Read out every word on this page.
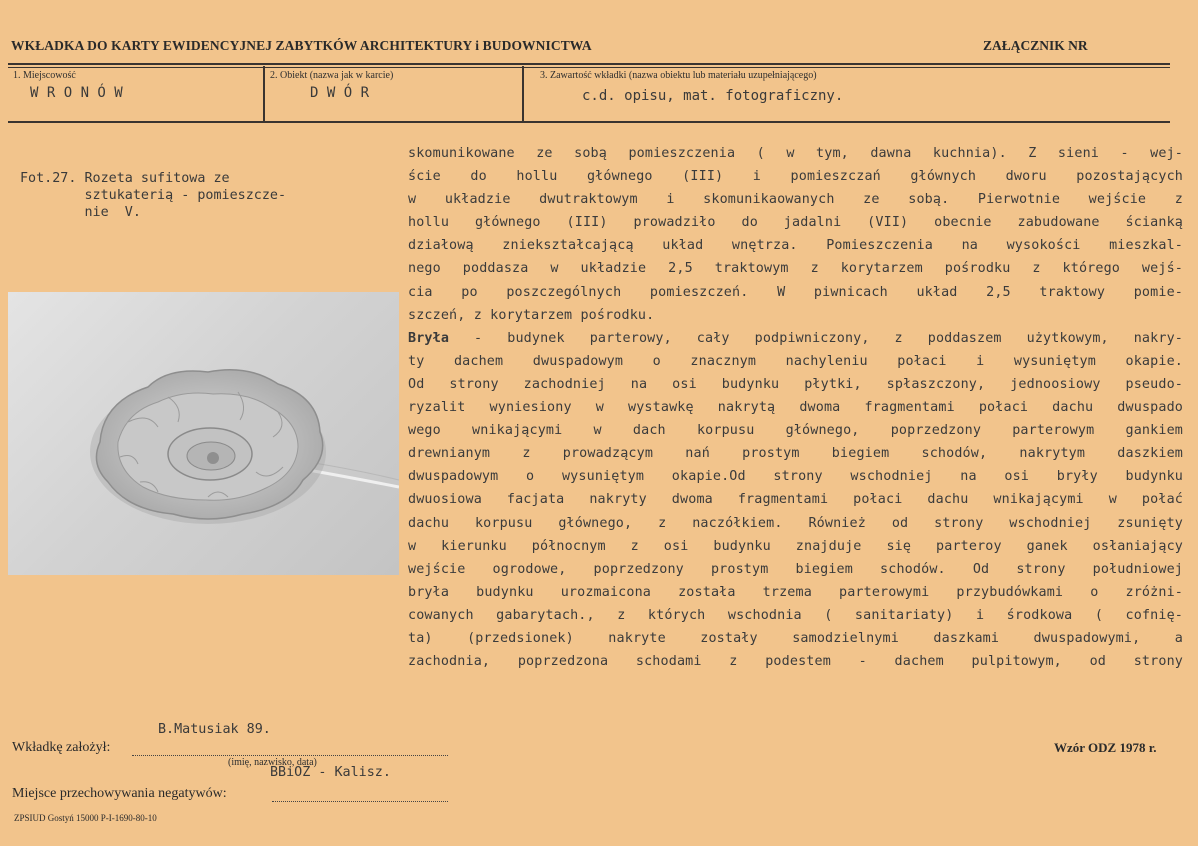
WKŁADKA DO KARTY EWIDENCYJNEJ ZABYTKÓW ARCHITEKTURY i BUDOWNICTWA	ZAŁĄCZNIK NR
1. Miejscowość
W R O N Ó W
2. Obiekt (nazwa jak w karcie)
D W Ó R
3. Zawartość wkładki (nazwa obiektu lub materiału uzupełniającego)
c.d. opisu, mat. fotograficzny.
Fot.27. Rozeta sufitowa ze
sztukaterią - pomieszcze-
nie  V.
skomunikowane ze sobą pomieszczenia ( w tym, dawna kuchnia). Z sieni - wej-
ście do hollu głównego (III) i pomieszczań głównych dworu pozostających
w układzie dwutraktowym i skomunikaowanych ze sobą. Pierwotnie wejście z
hollu głównego (III) prowadziło do jadalni (VII) obecnie zabudowane ścianką
działową zniekształcającą układ wnętrza. Pomieszczenia na wysokości mieszkal-
nego poddasza w układzie 2,5 traktowym z korytarzem pośrodku z którego wejś-
cia po poszczególnych pomieszczeń. W piwnicach układ 2,5 traktowy pomie-
szczeń, z korytarzem pośrodku.
Bryła - budynek parterowy, cały podpiwniczony, z poddaszem użytkowym, nakry-
ty dachem dwuspadowym o znacznym nachyleniu połaci i wysuniętym okapie.
Od strony zachodniej na osi budynku płytki, spłaszczony, jednoosiowy pseudo-
ryzalit wyniesiony w wystawkę nakrytą dwoma fragmentami połaci dachu dwuspado
wego wnikającymi w dach korpusu głównego, poprzedzony parterowym gankiem
drewnianym z prowadzącym nań prostym biegiem schodów, nakrytym daszkiem
dwuspadowym o wysuniętym okapie.Od strony wschodniej na osi bryły budynku
dwuosiowa facjata nakryty dwoma fragmentami połaci dachu wnikającymi w połać
dachu korpusu głównego, z naczółkiem. Również od strony wschodniej zsunięty
w kierunku północnym z osi budynku znajduje się parteroy ganek osłaniający
wejście ogrodowe, poprzedzony prostym biegiem schodów. Od strony południowej
bryła budynku urozmaicona została trzema parterowymi przybudówkami o zróżni-
cowanych gabarytach., z których wschodnia ( sanitariaty) i środkowa ( cofnię-
ta) (przedsionek) nakryte zostały samodzielnymi daszkami dwuspadowymi, a
zachodnia, poprzedzona schodami z podestem - dachem pulpitowym, od strony
B.Matusiak 89.
Wkładkę założył:
(imię, nazwisko, data)
BBiOZ - Kalisz.
Wzór ODZ 1978 r.
Miejsce przechowywania negatywów:
ZPSIUD Gostyń 15000 P-I-1690-80-10
